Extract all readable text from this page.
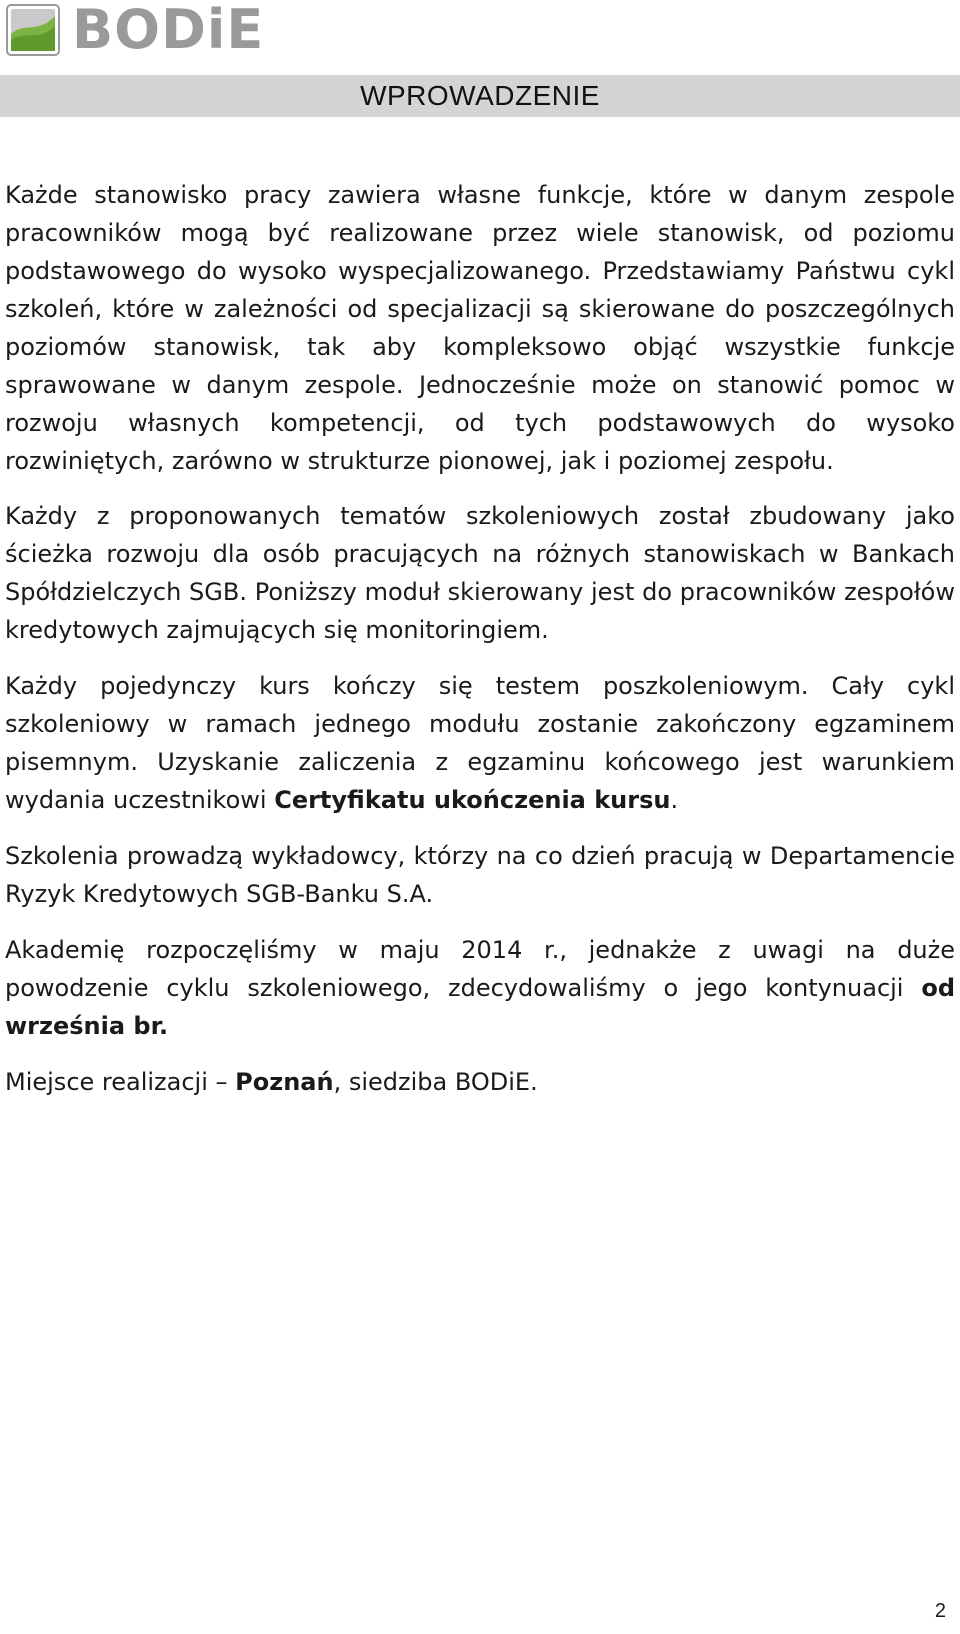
BODiE
WPROWADZENIE

Każde stanowisko pracy zawiera własne funkcje, które w danym zespole pracowników mogą być realizowane przez wiele stanowisk, od poziomu podstawowego do wysoko wyspecjalizowanego. Przedstawiamy Państwu cykl szkoleń, które w zależności od specjalizacji są skierowane do poszczególnych poziomów stanowisk, tak aby kompleksowo objąć wszystkie funkcje sprawowane w danym zespole. Jednocześnie może on stanowić pomoc w rozwoju własnych kompetencji, od tych podstawowych do wysoko rozwiniętych, zarówno w strukturze pionowej, jak i poziomej zespołu.

Każdy z proponowanych tematów szkoleniowych został zbudowany jako ścieżka rozwoju dla osób pracujących na różnych stanowiskach w Bankach Spółdzielczych SGB. Poniższy moduł skierowany jest do pracowników zespołów kredytowych zajmujących się monitoringiem.

Każdy pojedynczy kurs kończy się testem poszkoleniowym. Cały cykl szkoleniowy w ramach jednego modułu zostanie zakończony egzaminem pisemnym. Uzyskanie zaliczenia z egzaminu końcowego jest warunkiem wydania uczestnikowi Certyfikatu ukończenia kursu.

Szkolenia prowadzą wykładowcy, którzy na co dzień pracują w Departamencie Ryzyk Kredytowych SGB-Banku S.A.

Akademię rozpoczęliśmy w maju 2014 r., jednakże z uwagi na duże powodzenie cyklu szkoleniowego, zdecydowaliśmy o jego kontynuacji od września br.

Miejsce realizacji – Poznań, siedziba BODiE.

2
